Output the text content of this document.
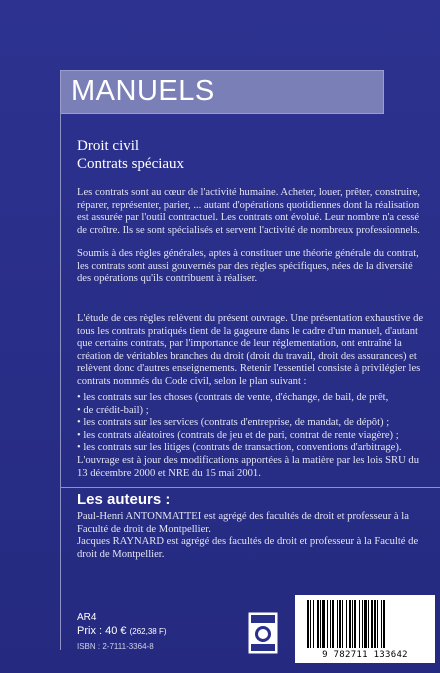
MANUELS
Droit civil
Contrats spéciaux

Les contrats sont au cœur de l'activité humaine. Acheter, louer, prêter, construire, réparer, représenter, parier, ... autant d'opérations quotidiennes dont la réalisation est assurée par l'outil contractuel. Les contrats ont évolué. Leur nombre n'a cessé de croître. Ils se sont spécialisés et servent l'activité de nombreux professionnels.

Soumis à des règles générales, aptes à constituer une théorie générale du contrat, les contrats sont aussi gouvernés par des règles spécifiques, nées de la diversité des opérations qu'ils contribuent à réaliser.

L'étude de ces règles relèvent du présent ouvrage. Une présentation exhaustive de tous les contrats pratiqués tient de la gageure dans le cadre d'un manuel, d'autant que certains contrats, par l'importance de leur réglementation, ont entraîné la création de véritables branches du droit (droit du travail, droit des assurances) et relèvent donc d'autres enseignements. Retenir l'essentiel consiste à privilégier les contrats nommés du Code civil, selon le plan suivant :

• les contrats sur les choses (contrats de vente, d'échange, de bail, de prêt,
• de crédit-bail) ;
• les contrats sur les services (contrats d'entreprise, de mandat, de dépôt) ;
• les contrats aléatoires (contrats de jeu et de pari, contrat de rente viagère) ;
• les contrats sur les litiges (contrats de transaction, conventions d'arbitrage).

L'ouvrage est à jour des modifications apportées à la matière par les lois SRU du 13 décembre 2000 et NRE du 15 mai 2001.

Les auteurs :

Paul-Henri ANTONMATTEI est agrégé des facultés de droit et professeur à la Faculté de droit de Montpellier.

Jacques RAYNARD est agrégé des facultés de droit et professeur à la Faculté de droit de Montpellier.

AR4
Prix : 40 € (262,38 F)
ISBN : 2-7111-3364-8
9 782711 133642
